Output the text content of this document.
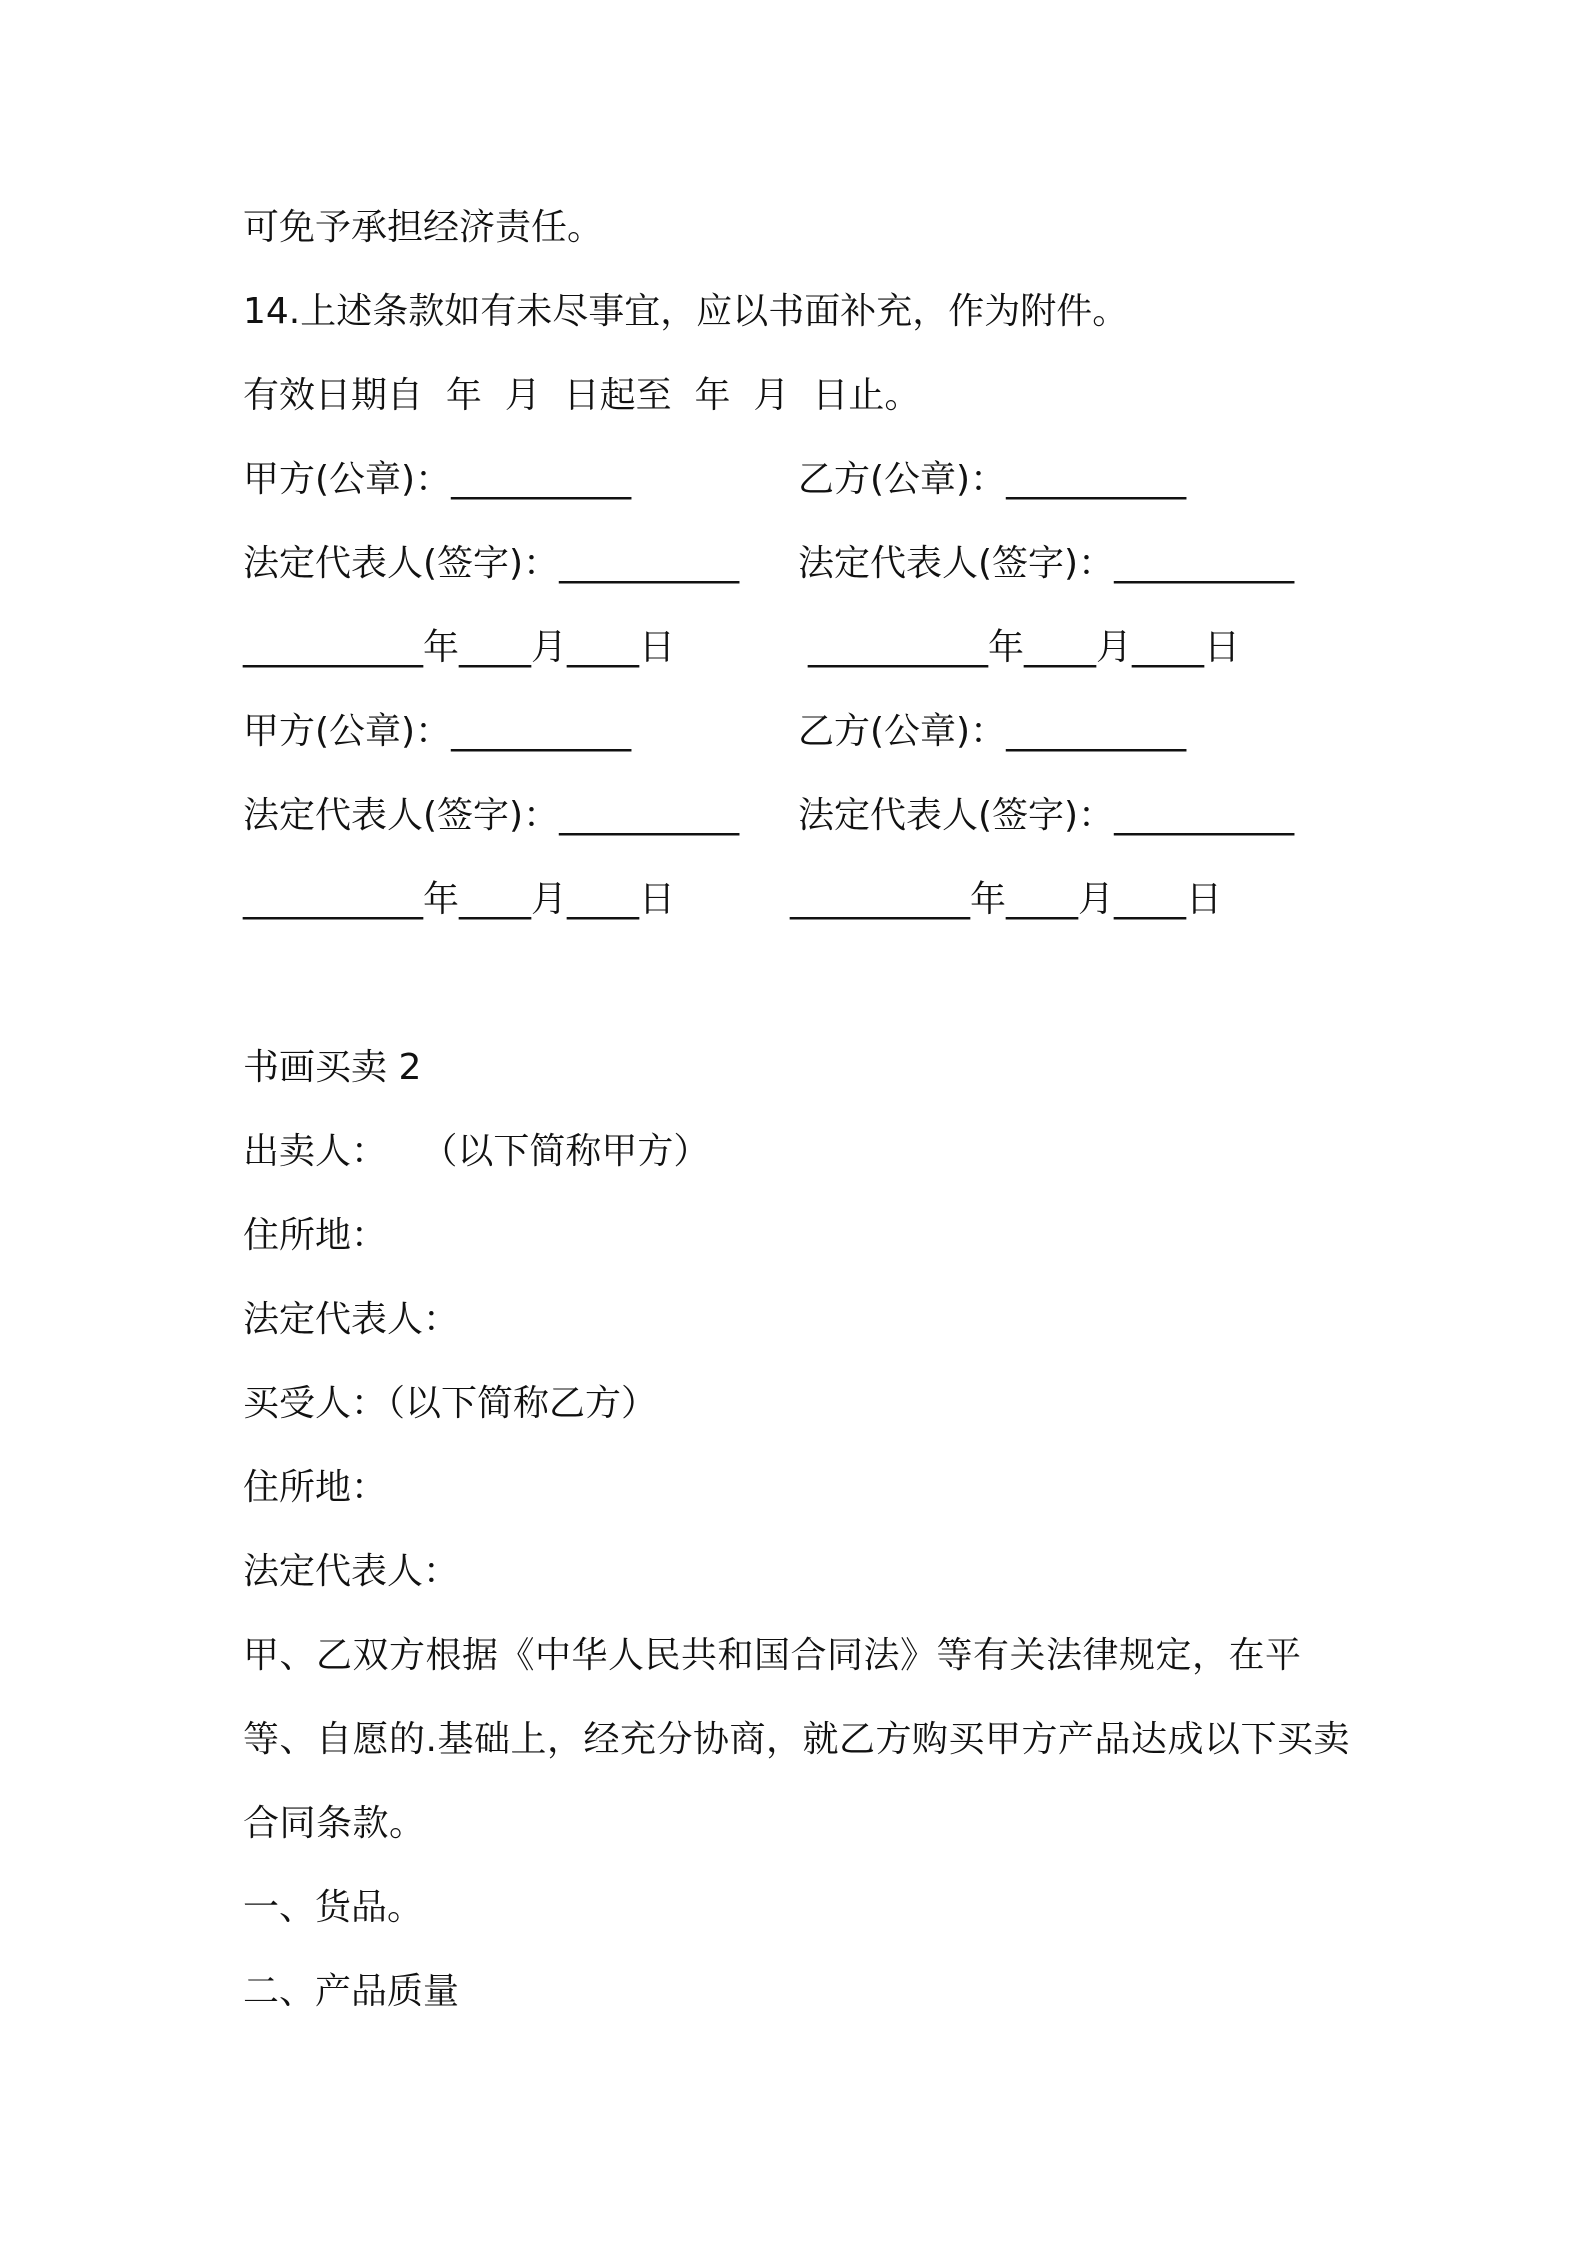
可免予承担经济责任。
14.上述条款如有未尽事宜，应以书面补充，作为附件。
有效日期自  年  月  日起至  年  月  日止。
甲方(公章)：__________	乙方(公章)：__________
法定代表人(签字)：__________ 法定代表人(签字)：__________
__________年____月____日	__________年____月____日
甲方(公章)：__________	乙方(公章)：__________
法定代表人(签字)：__________ 法定代表人(签字)：__________
__________年____月____日	__________年____月____日
书画买卖 2
出卖人：   （以下简称甲方）
住所地：
法定代表人：
买受人：（以下简称乙方）
住所地：
法定代表人：
甲、乙双方根据《中华人民共和国合同法》等有关法律规定，在平等、自愿的.基础上，经充分协商，就乙方购买甲方产品达成以下买卖合同条款。
一、货品。
二、产品质量
